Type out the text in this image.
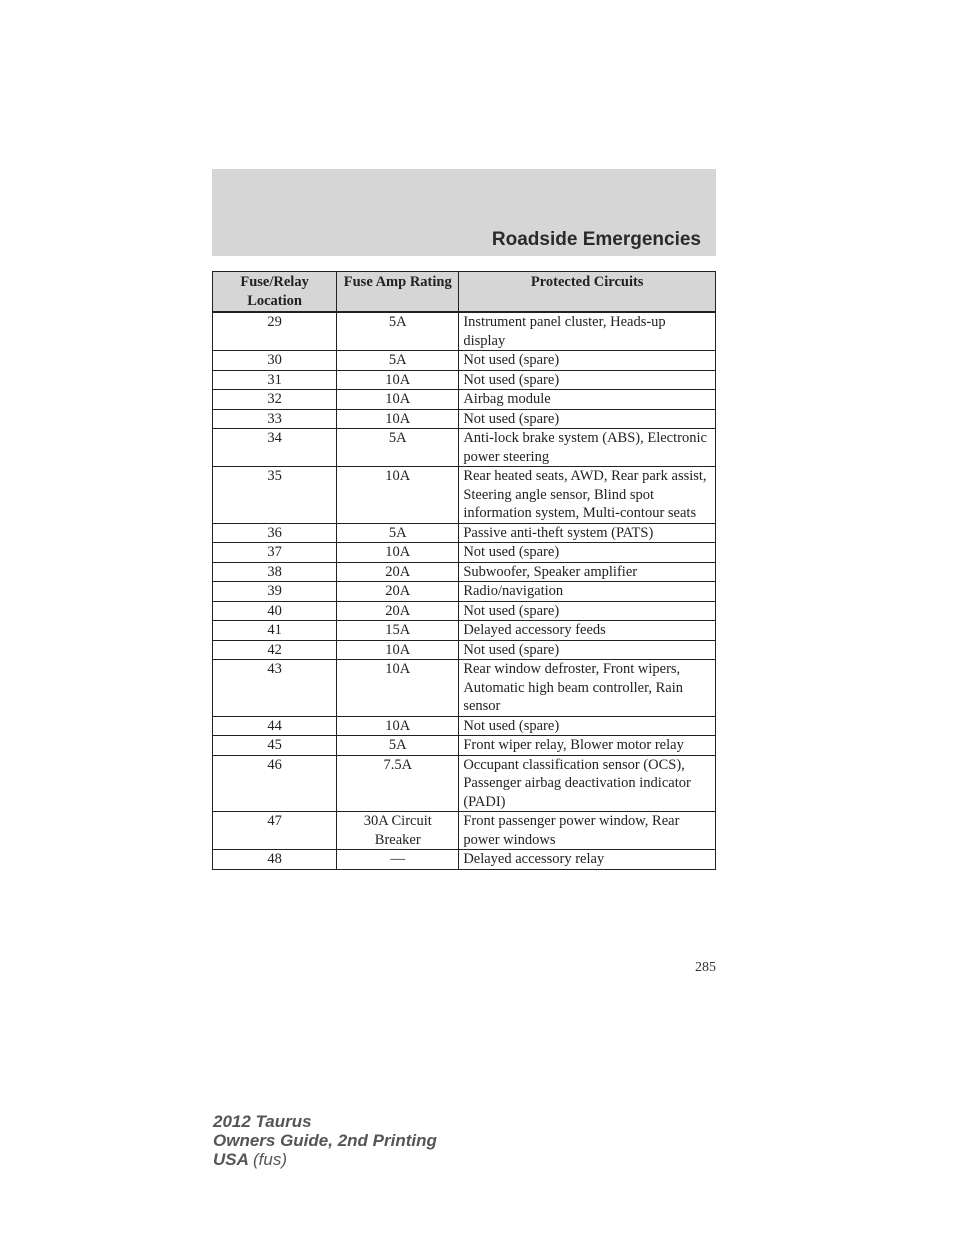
Roadside Emergencies
Fuse/Relay Location	Fuse Amp Rating	Protected Circuits
29	5A	Instrument panel cluster, Heads-up display
30	5A	Not used (spare)
31	10A	Not used (spare)
32	10A	Airbag module
33	10A	Not used (spare)
34	5A	Anti-lock brake system (ABS), Electronic power steering
35	10A	Rear heated seats, AWD, Rear park assist, Steering angle sensor, Blind spot information system, Multi-contour seats
36	5A	Passive anti-theft system (PATS)
37	10A	Not used (spare)
38	20A	Subwoofer, Speaker amplifier
39	20A	Radio/navigation
40	20A	Not used (spare)
41	15A	Delayed accessory feeds
42	10A	Not used (spare)
43	10A	Rear window defroster, Front wipers, Automatic high beam controller, Rain sensor
44	10A	Not used (spare)
45	5A	Front wiper relay, Blower motor relay
46	7.5A	Occupant classification sensor (OCS), Passenger airbag deactivation indicator (PADI)
47	30A Circuit Breaker	Front passenger power window, Rear power windows
48	—	Delayed accessory relay
285
2012 Taurus
Owners Guide, 2nd Printing
USA (fus)
